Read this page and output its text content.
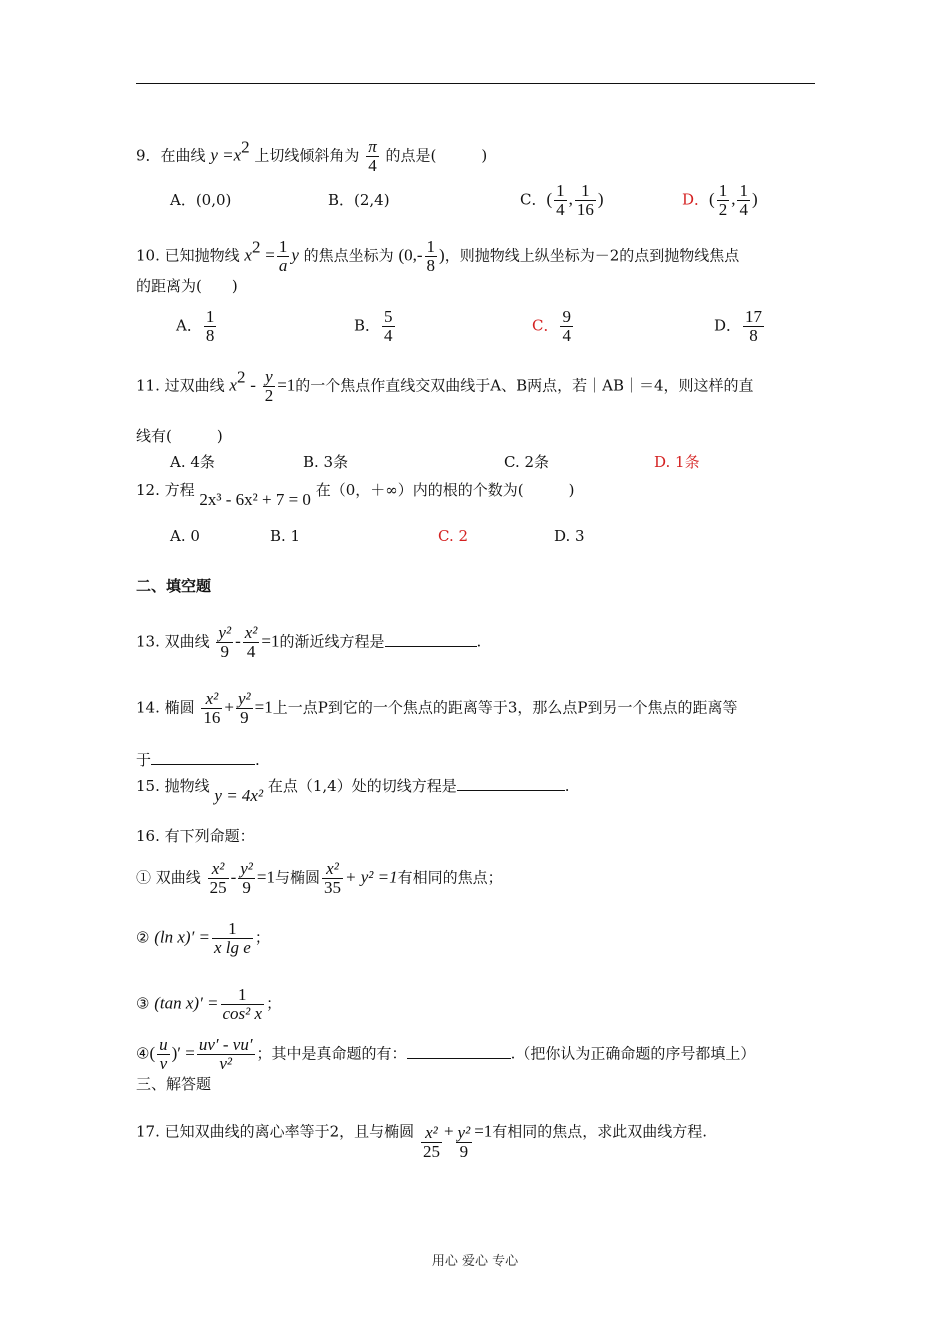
9．在曲线 $y =x^2$ 上切线倾斜角为 $\frac{\pi}{4}$ 的点是(　　　)
A．(0,0)	B．(2,4)	C．( $\frac{1}{4}$ , $\frac{1}{16}$ )	D．( $\frac{1}{2}$ , $\frac{1}{4}$ )
10. 已知抛物线 $x^2 = \frac{1}{a}$ y 的焦点坐标为 ($0,- \frac{1}{8}$ )，则抛物线上纵坐标为－2的点到抛物线焦点
的距离为(　　)
A． $\frac{1}{8}$	B． $\frac{5}{4}$	C． $\frac{9}{4}$	D． $\frac{17}{8}$
11. 过双曲线 $x^2 - \frac{y}{2} =1$的一个焦点作直线交双曲线于A、B两点，若｜AB｜＝4，则这样的直
线有(　　　)
A. 4条	B. 3条	C. 2条	D. 1条
12. 方程 2x³ - 6x² + 7 = 0 在（0，＋∞）内的根的个数为(　　　)
A. 0	B. 1	C. 2	D. 3
二、填空题
13. 双曲线 $\frac{\text{y²}}{9} - \frac{\text{x²}}{4} =1$的渐近线方程是	.
14. 椭圆 $\frac{\text{x²}}{16} + \frac{\text{y²}}{9} =1$上一点P到它的一个焦点的距离等于3，那么点P到另一个焦点的距离等
于	.
15. 抛物线 y = 4x² 在点（1,4）处的切线方程是	.
16. 有下列命题：
① 双曲线 $\frac{\text{x²}}{25} - \frac{\text{y²}}{9} =1$与椭圆 $\frac{\text{x²}}{35} + y^2 =1$有相同的焦点；
② (ln $x)' = \frac{1}{\text{x lg e}}$ ；
③ (tan $x)' = \frac{1}{\text{cos² x}}$ ；
④( $\frac{u}{v}$ )′ = $\frac{uv' - vu'}{\text{v²}}$ ；其中是真命题的有：	.（把你认为正确命题的序号都填上）
三、解答题
17. 已知双曲线的离心率等于2，且与椭圆 $\frac{\text{x²}}{25} + \frac{\text{y²}}{9} =1$有相同的焦点，求此双曲线方程.
用心 爱心 专心
